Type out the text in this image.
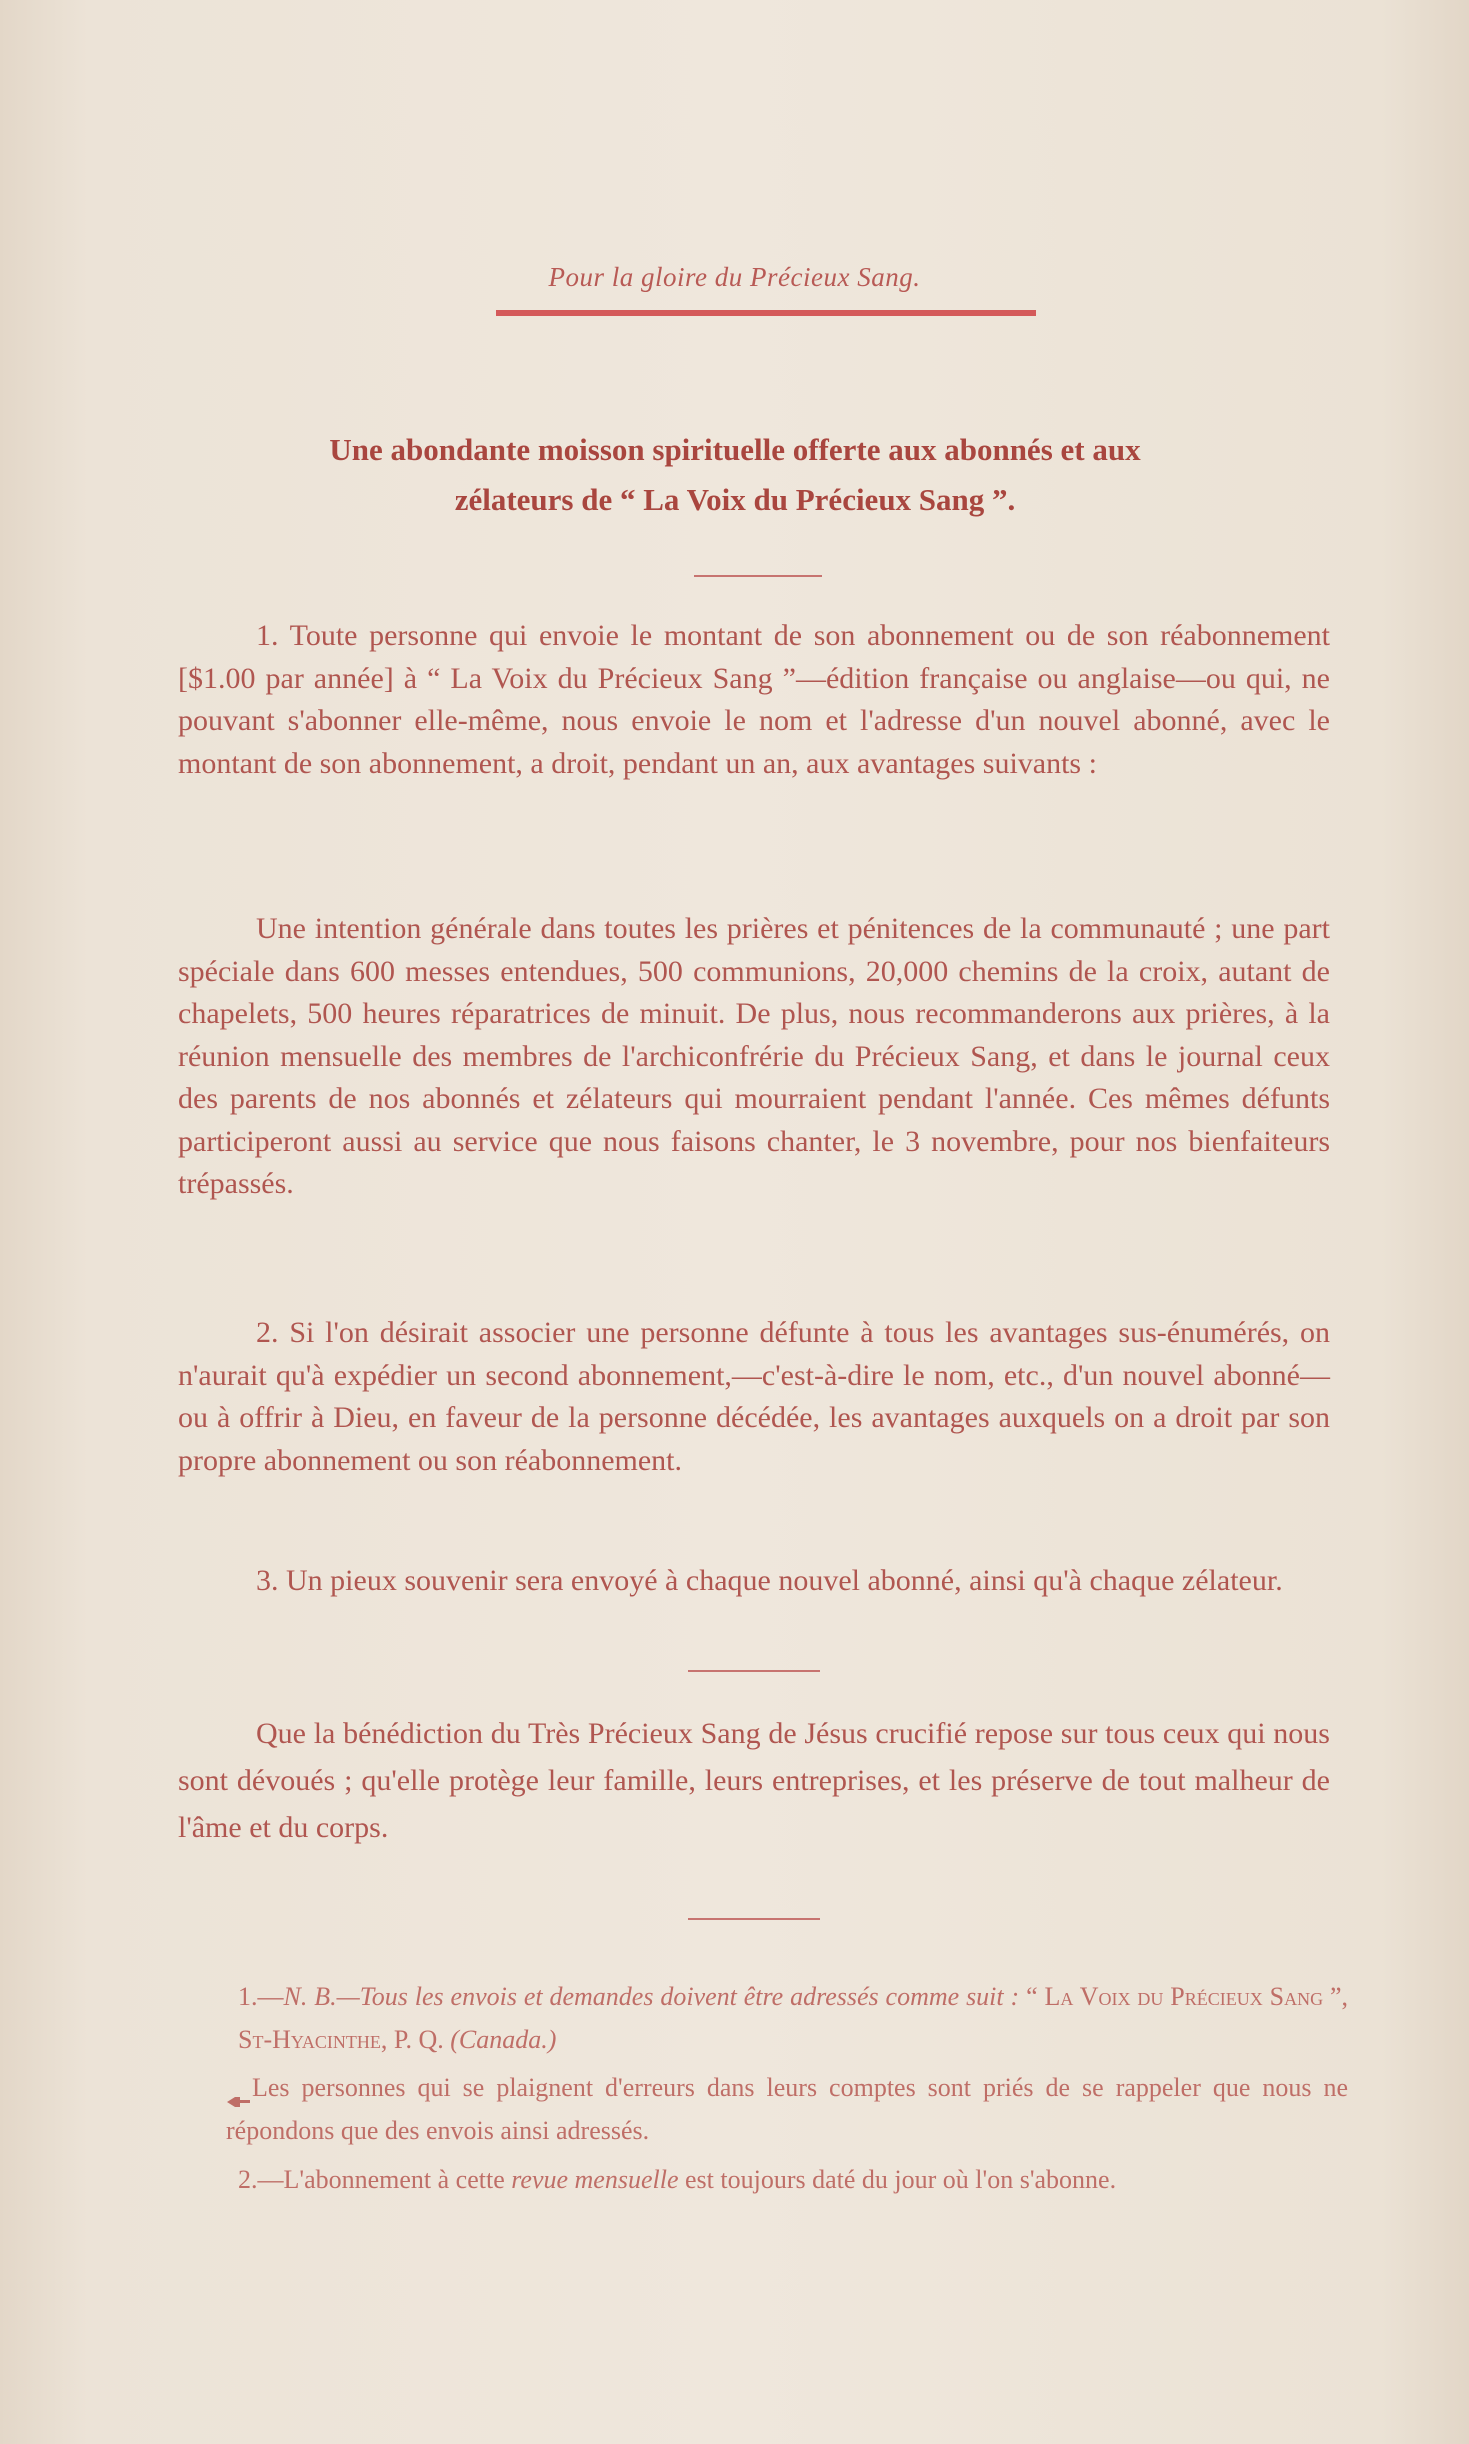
Pour la gloire du Précieux Sang.
Une abondante moisson spirituelle offerte aux abonnés et aux
zélateurs de “ La Voix du Précieux Sang ”.
1. Toute personne qui envoie le montant de son abonnement ou de son réabonnement [$1.00 par année] à “ La Voix du Précieux Sang ”—édition française ou anglaise—ou qui, ne pouvant s'abonner elle-même, nous envoie le nom et l'adresse d'un nouvel abonné, avec le montant de son abonnement, a droit, pendant un an, aux avantages suivants :
Une intention générale dans toutes les prières et pénitences de la communauté ; une part spéciale dans 600 messes entendues, 500 communions, 20,000 chemins de la croix, autant de chapelets, 500 heures réparatrices de minuit. De plus, nous recommanderons aux prières, à la réunion mensuelle des membres de l'archiconfrérie du Précieux Sang, et dans le journal ceux des parents de nos abonnés et zélateurs qui mourraient pendant l'année. Ces mêmes défunts participeront aussi au service que nous faisons chanter, le 3 novembre, pour nos bienfaiteurs trépassés.
2. Si l'on désirait associer une personne défunte à tous les avantages sus-énumérés, on n'aurait qu'à expédier un second abonnement,—c'est-à-dire le nom, etc., d'un nouvel abonné—ou à offrir à Dieu, en faveur de la personne décédée, les avantages auxquels on a droit par son propre abonnement ou son réabonnement.
3. Un pieux souvenir sera envoyé à chaque nouvel abonné, ainsi qu'à chaque zélateur.
Que la bénédiction du Très Précieux Sang de Jésus crucifié repose sur tous ceux qui nous sont dévoués ; qu'elle protège leur famille, leurs entreprises, et les préserve de tout malheur de l'âme et du corps.
1.—N. B.—Tous les envois et demandes doivent être adressés comme suit : “ La Voix du Précieux Sang ”, St-Hyacinthe, P. Q. (Canada.)
Les personnes qui se plaignent d'erreurs dans leurs comptes sont priés de se rappeler que nous ne répondons que des envois ainsi adressés.
2.—L'abonnement à cette revue mensuelle est toujours daté du jour où l'on s'abonne.
